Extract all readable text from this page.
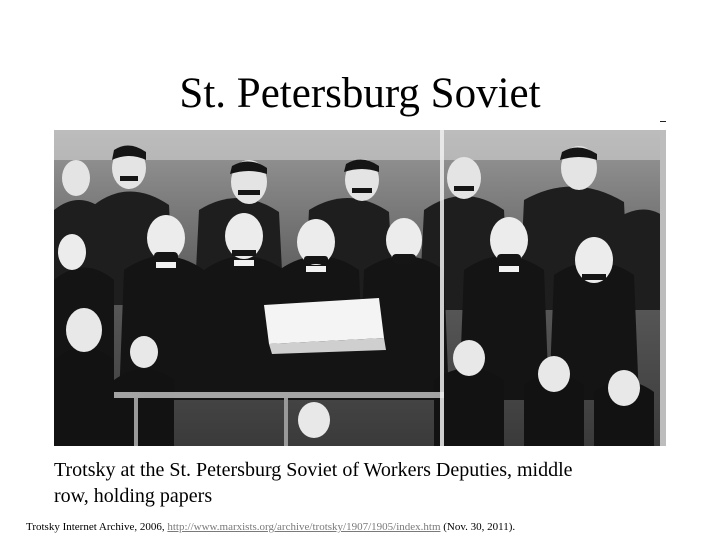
St. Petersburg Soviet

Trotsky at the St. Petersburg Soviet of Workers Deputies, middle
row, holding papers

Trotsky Internet Archive, 2006, http://www.marxists.org/archive/trotsky/1907/1905/index.htm (Nov. 30, 2011).
